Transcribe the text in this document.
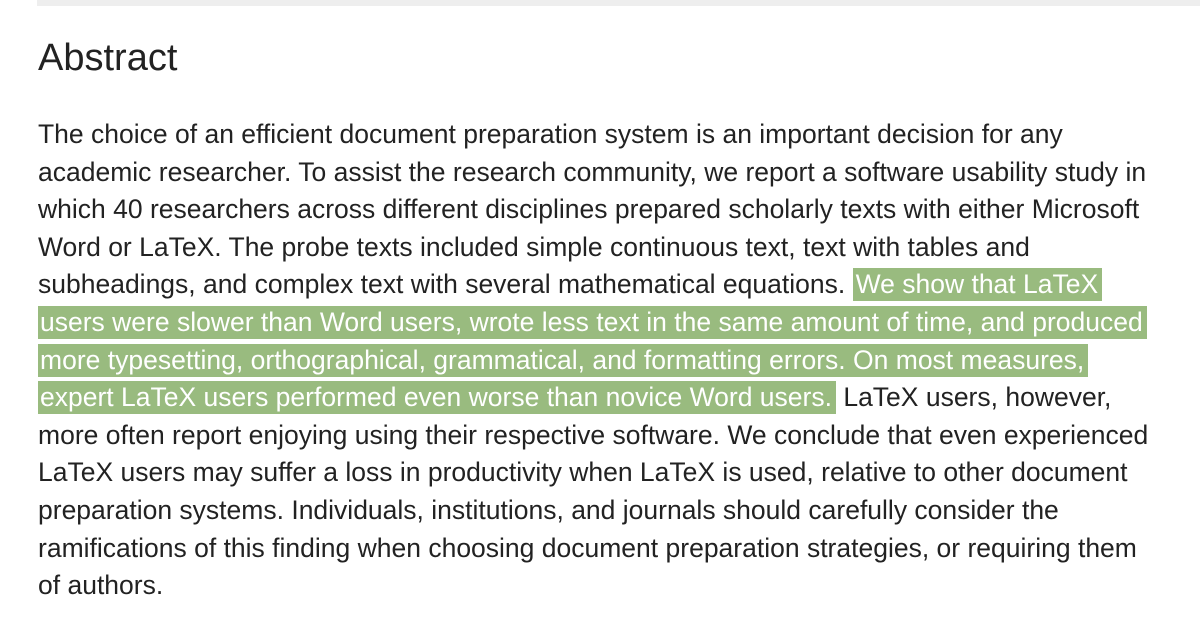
Abstract

The choice of an efficient document preparation system is an important decision for any
academic researcher. To assist the research community, we report a software usability study in
which 40 researchers across different disciplines prepared scholarly texts with either Microsoft
Word or LaTeX. The probe texts included simple continuous text, text with tables and
subheadings, and complex text with several mathematical equations. We show that LaTeX
users were slower than Word users, wrote less text in the same amount of time, and produced
more typesetting, orthographical, grammatical, and formatting errors. On most measures,
expert LaTeX users performed even worse than novice Word users. LaTeX users, however,
more often report enjoying using their respective software. We conclude that even experienced
LaTeX users may suffer a loss in productivity when LaTeX is used, relative to other document
preparation systems. Individuals, institutions, and journals should carefully consider the
ramifications of this finding when choosing document preparation strategies, or requiring them
of authors.
